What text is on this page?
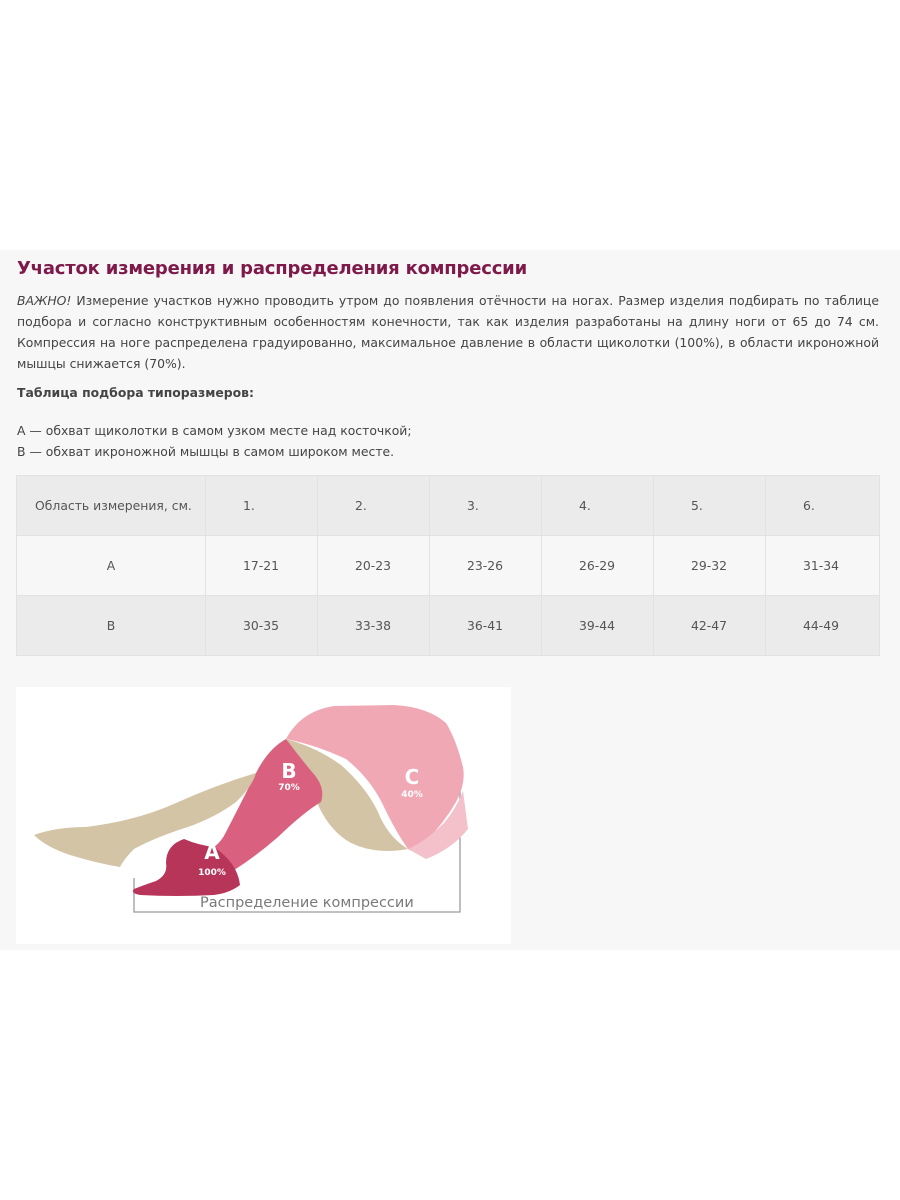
Участок измерения и распределения компрессии

ВАЖНО! Измерение участков нужно проводить утром до появления отёчности на ногах. Размер изделия подбирать по таблице подбора и согласно конструктивным особенностям конечности, так как изделия разработаны на длину ноги от 65 до 74 см. Компрессия на ноге распределена градуированно, максимальное давление в области щиколотки (100%), в области икроножной мышцы снижается (70%).

Таблица подбора типоразмеров:

А — обхват щиколотки в самом узком месте над косточкой;
В — обхват икроножной мышцы в самом широком месте.
Область измерения, см.	1.	2.	3.	4.	5.	6.
А	17-21	20-23	23-26	26-29	29-32	31-34
В	30-35	33-38	36-41	39-44	42-47	44-49
A
100%
B
70%	C
40%
Распределение компрессии
